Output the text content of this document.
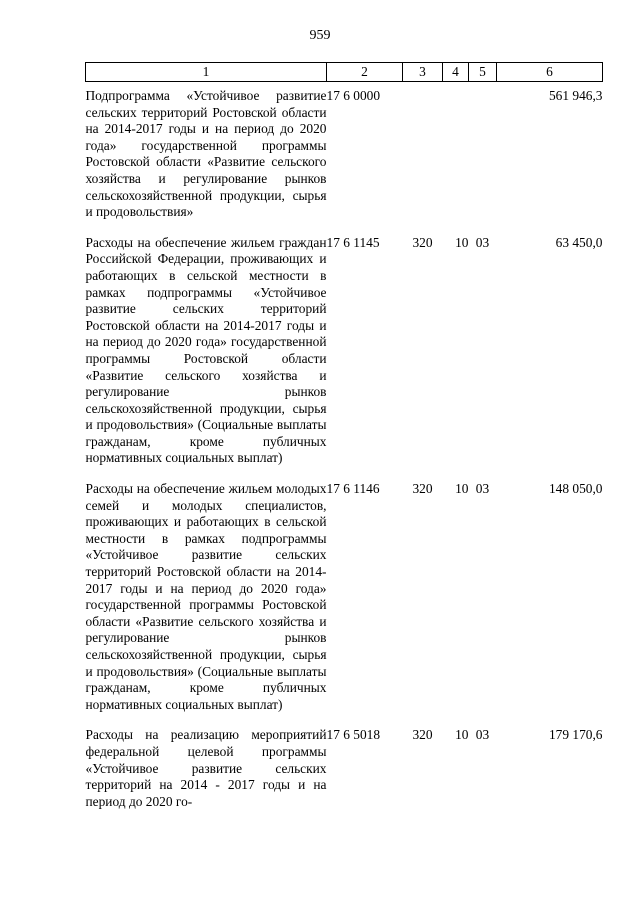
959
1	2	3	4	5	6
Подпрограмма «Устойчивое развитие сельских территорий Ростовской области на 2014-2017 годы и на период до 2020 года» государственной программы Ростовской области «Развитие сельского хозяйства и регулирование рынков сельскохозяйственной продукции, сырья и продовольствия»	17 6 0000				561 946,3
Расходы на обеспечение жильем граждан Российской Федерации, проживающих и работающих в сельской местности в рамках подпрограммы «Устойчивое развитие сельских территорий Ростовской области на 2014-2017 годы и на период до 2020 года» государственной программы Ростовской области «Развитие сельского хозяйства и регулирование рынков сельскохозяйственной продукции, сырья и продовольствия» (Социальные выплаты гражданам, кроме публичных нормативных социальных выплат)	17 6 1145	320	10	03	63 450,0
Расходы на обеспечение жильем молодых семей и молодых специалистов, проживающих и работающих в сельской местности в рамках подпрограммы «Устойчивое развитие сельских территорий Ростовской области на 2014-2017 годы и на период до 2020 года» государственной программы Ростовской области «Развитие сельского хозяйства и регулирование рынков сельскохозяйственной продукции, сырья и продовольствия» (Социальные выплаты гражданам, кроме публичных нормативных социальных выплат)	17 6 1146	320	10	03	148 050,0
Расходы на реализацию мероприятий федеральной целевой программы «Устойчивое развитие сельских территорий на 2014 - 2017 годы и на период до 2020 го-	17 6 5018	320	10	03	179 170,6
